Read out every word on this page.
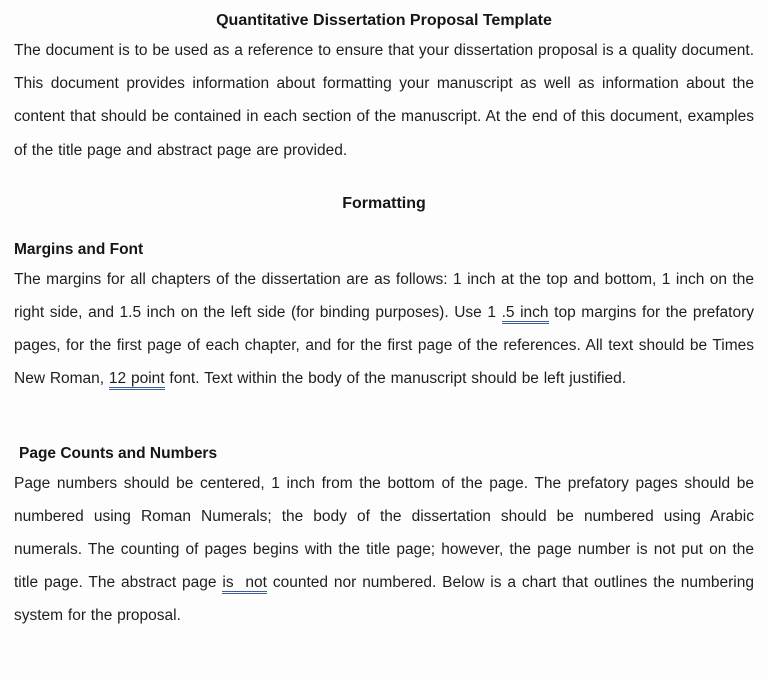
Quantitative Dissertation Proposal Template

The document is to be used as a reference to ensure that your dissertation proposal is a quality document. This document provides information about formatting your manuscript as well as information about the content that should be contained in each section of the manuscript. At the end of this document, examples of the title page and abstract page are provided.

Formatting
Margins and Font

The margins for all chapters of the dissertation are as follows: 1 inch at the top and bottom, 1 inch on the right side, and 1.5 inch on the left side (for binding purposes). Use 1 .5 inch top margins for the prefatory pages, for the first page of each chapter, and for the first page of the references. All text should be Times New Roman, 12 point font. Text within the body of the manuscript should be left justified.

Page Counts and Numbers

Page numbers should be centered, 1 inch from the bottom of the page. The prefatory pages should be numbered using Roman Numerals; the body of the dissertation should be numbered using Arabic numerals. The counting of pages begins with the title page; however, the page number is not put on the title page. The abstract page is  not counted nor numbered. Below is a chart that outlines the numbering system for the proposal.
